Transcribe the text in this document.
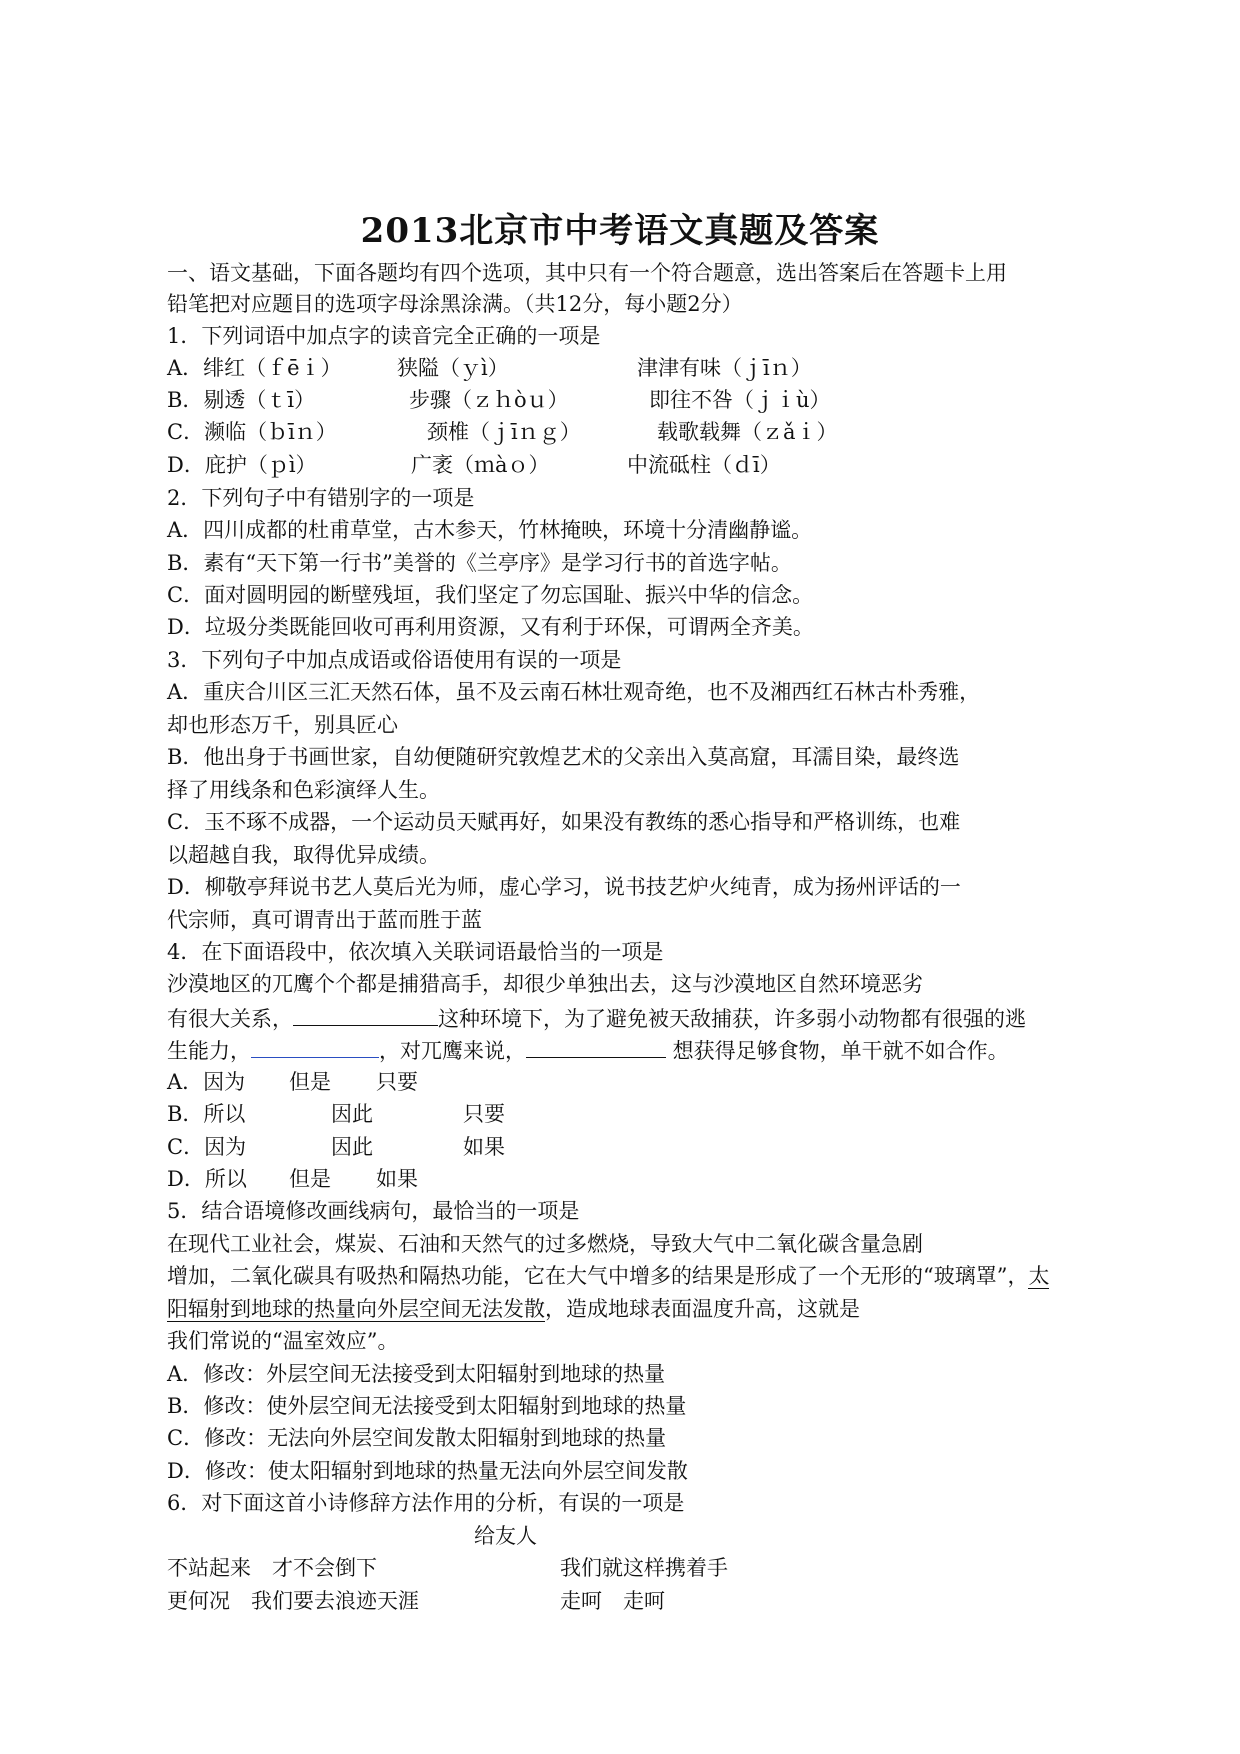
2013北京市中考语文真题及答案
一、语文基础，下面各题均有四个选项，其中只有一个符合题意，选出答案后在答题卡上用
铅笔把对应题目的选项字母涂黑涂满。（共12分，每小题2分）
1．下列词语中加点字的读音完全正确的一项是
A．绯红（ｆēｉ）	狭隘（ｙì）	津津有味（ｊīｎ）
B．剔透（ｔī）	步骤（ｚｈòｕ）	即往不咎（ｊｉù）
C．濒临（ｂīｎ）	颈椎（ｊīｎｇ）	载歌载舞（ｚǎｉ）
D．庇护（ｐì）	广袤（ｍàｏ）	中流砥柱（ｄī）
2．下列句子中有错别字的一项是
A．四川成都的杜甫草堂，古木参天，竹林掩映，环境十分清幽静谧。
B．素有“天下第一行书”美誉的《兰亭序》是学习行书的首选字帖。
C．面对圆明园的断壁残垣，我们坚定了勿忘国耻、振兴中华的信念。
D．垃圾分类既能回收可再利用资源，又有利于环保，可谓两全齐美。
3．下列句子中加点成语或俗语使用有误的一项是
A．重庆合川区三汇天然石体，虽不及云南石林壮观奇绝，也不及湘西红石林古朴秀雅，
却也形态万千，别具匠心
B．他出身于书画世家，自幼便随研究敦煌艺术的父亲出入莫高窟，耳濡目染，最终选
择了用线条和色彩演绎人生。
C．玉不琢不成器，一个运动员天赋再好，如果没有教练的悉心指导和严格训练，也难
以超越自我，取得优异成绩。
D．柳敬亭拜说书艺人莫后光为师，虚心学习，说书技艺炉火纯青，成为扬州评话的一
代宗师，真可谓青出于蓝而胜于蓝
4．在下面语段中，依次填入关联词语最恰当的一项是
沙漠地区的兀鹰个个都是捕猎高手，却很少单独出去，这与沙漠地区自然环境恶劣
有很大关系，	这种环境下，为了避免被天敌捕获，许多弱小动物都有很强的逃
生能力，	，对兀鹰来说，	想获得足够食物，单干就不如合作。
A．因为 但是 只要
B．所以	因此	只要
C．因为	因此	如果
D．所以 但是 如果
5．结合语境修改画线病句，最恰当的一项是
在现代工业社会，煤炭、石油和天然气的过多燃烧，导致大气中二氧化碳含量急剧
增加，二氧化碳具有吸热和隔热功能，它在大气中增多的结果是形成了一个无形的“玻璃罩”，太
阳辐射到地球的热量向外层空间无法发散，造成地球表面温度升高，这就是
我们常说的“温室效应”。
A．修改：外层空间无法接受到太阳辐射到地球的热量
B．修改：使外层空间无法接受到太阳辐射到地球的热量
C．修改：无法向外层空间发散太阳辐射到地球的热量
D．修改：使太阳辐射到地球的热量无法向外层空间发散
6．对下面这首小诗修辞方法作用的分析，有误的一项是
给友人
不站起来　才不会倒下	我们就这样携着手
更何况　我们要去浪迹天涯	走呵　走呵
